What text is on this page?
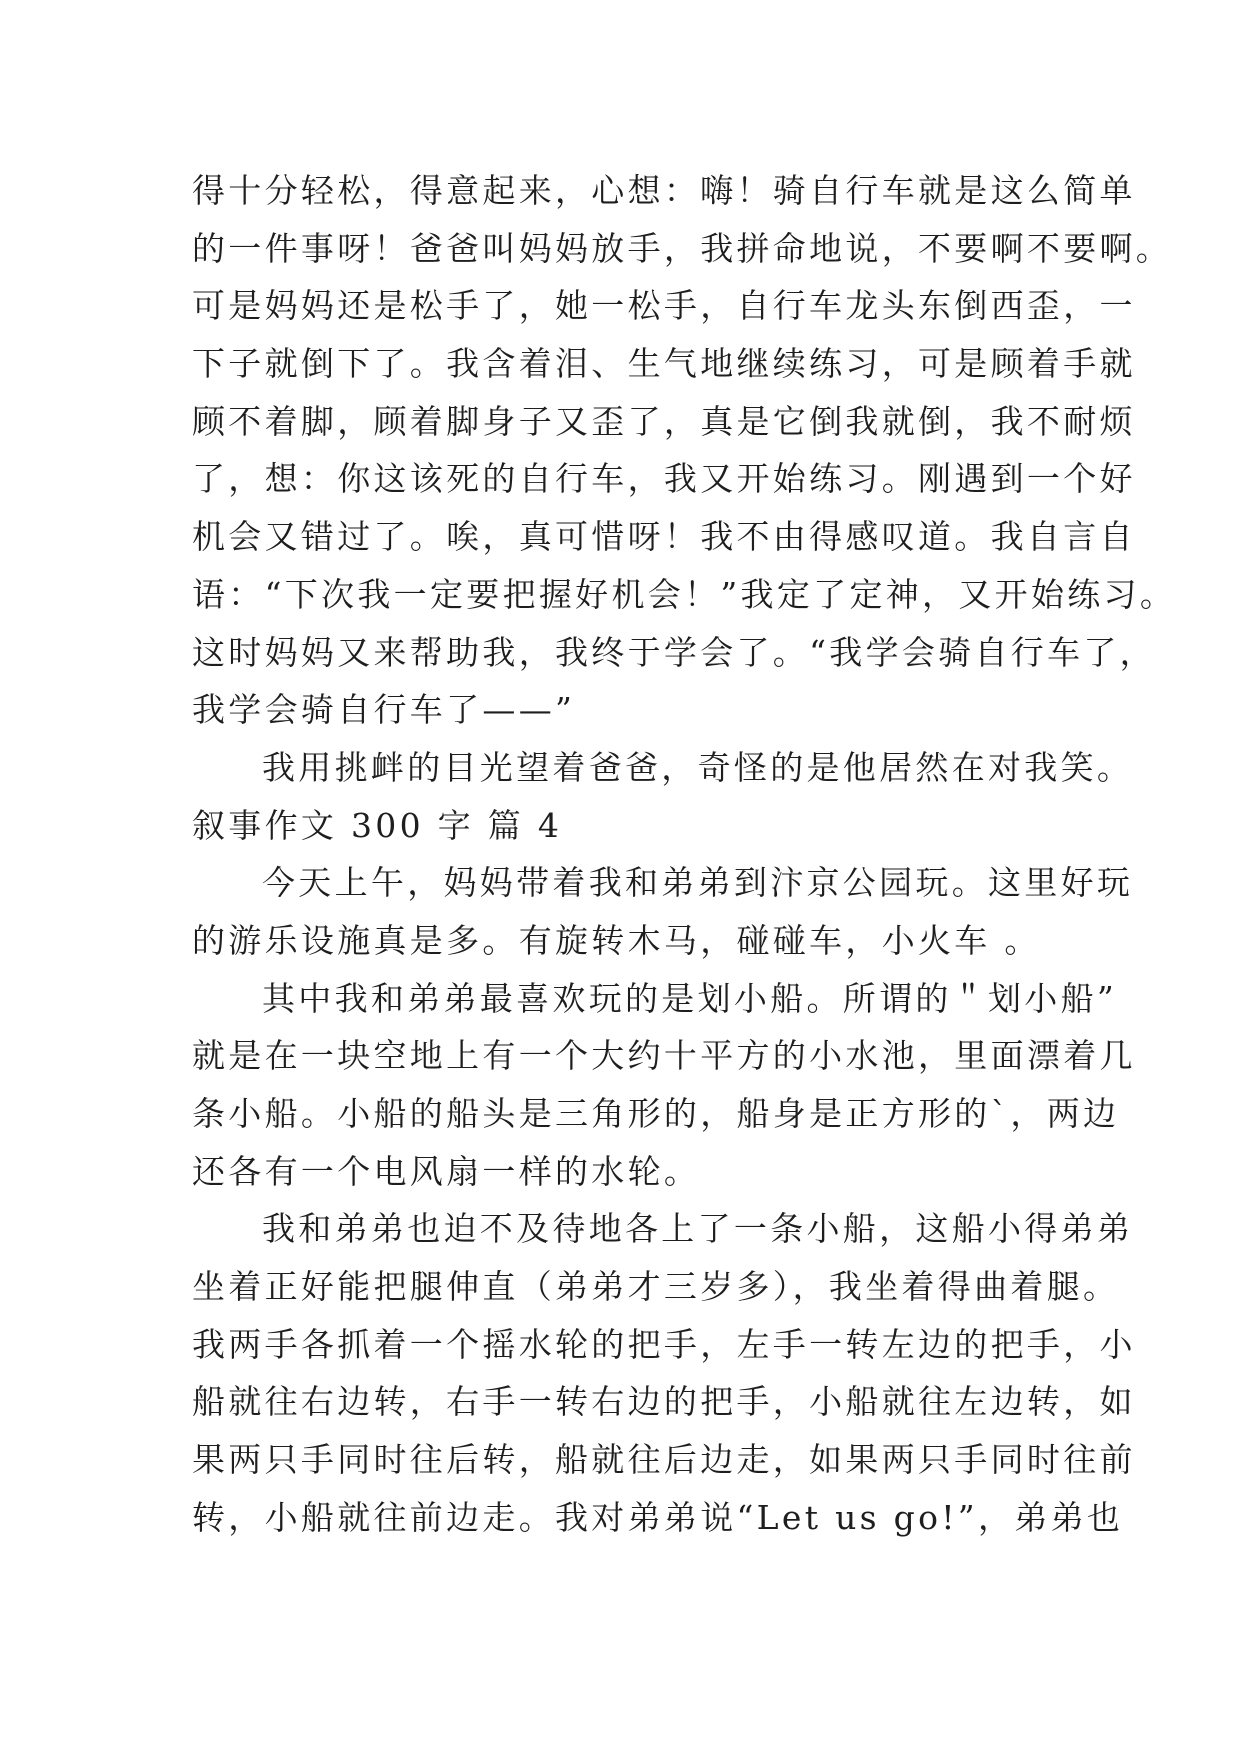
得十分轻松，得意起来，心想：嗨！骑自行车就是这么简单
的一件事呀！爸爸叫妈妈放手，我拼命地说，不要啊不要啊。
可是妈妈还是松手了，她一松手，自行车龙头东倒西歪，一
下子就倒下了。我含着泪、生气地继续练习，可是顾着手就
顾不着脚，顾着脚身子又歪了，真是它倒我就倒，我不耐烦
了，想：你这该死的自行车，我又开始练习。刚遇到一个好
机会又错过了。唉，真可惜呀！我不由得感叹道。我自言自
语：“下次我一定要把握好机会！”我定了定神，又开始练习。
这时妈妈又来帮助我，我终于学会了。“我学会骑自行车了，
我学会骑自行车了——”
我用挑衅的目光望着爸爸，奇怪的是他居然在对我笑。
叙事作文 300 字 篇 4
今天上午，妈妈带着我和弟弟到汴京公园玩。这里好玩
的游乐设施真是多。有旋转木马，碰碰车，小火车 。
其中我和弟弟最喜欢玩的是划小船。所谓的＂划小船”
就是在一块空地上有一个大约十平方的小水池，里面漂着几
条小船。小船的船头是三角形的，船身是正方形的`，两边
还各有一个电风扇一样的水轮。
我和弟弟也迫不及待地各上了一条小船，这船小得弟弟
坐着正好能把腿伸直（弟弟才三岁多），我坐着得曲着腿。
我两手各抓着一个摇水轮的把手，左手一转左边的把手，小
船就往右边转，右手一转右边的把手，小船就往左边转，如
果两只手同时往后转，船就往后边走，如果两只手同时往前
转，小船就往前边走。我对弟弟说“Let us go!”，弟弟也
